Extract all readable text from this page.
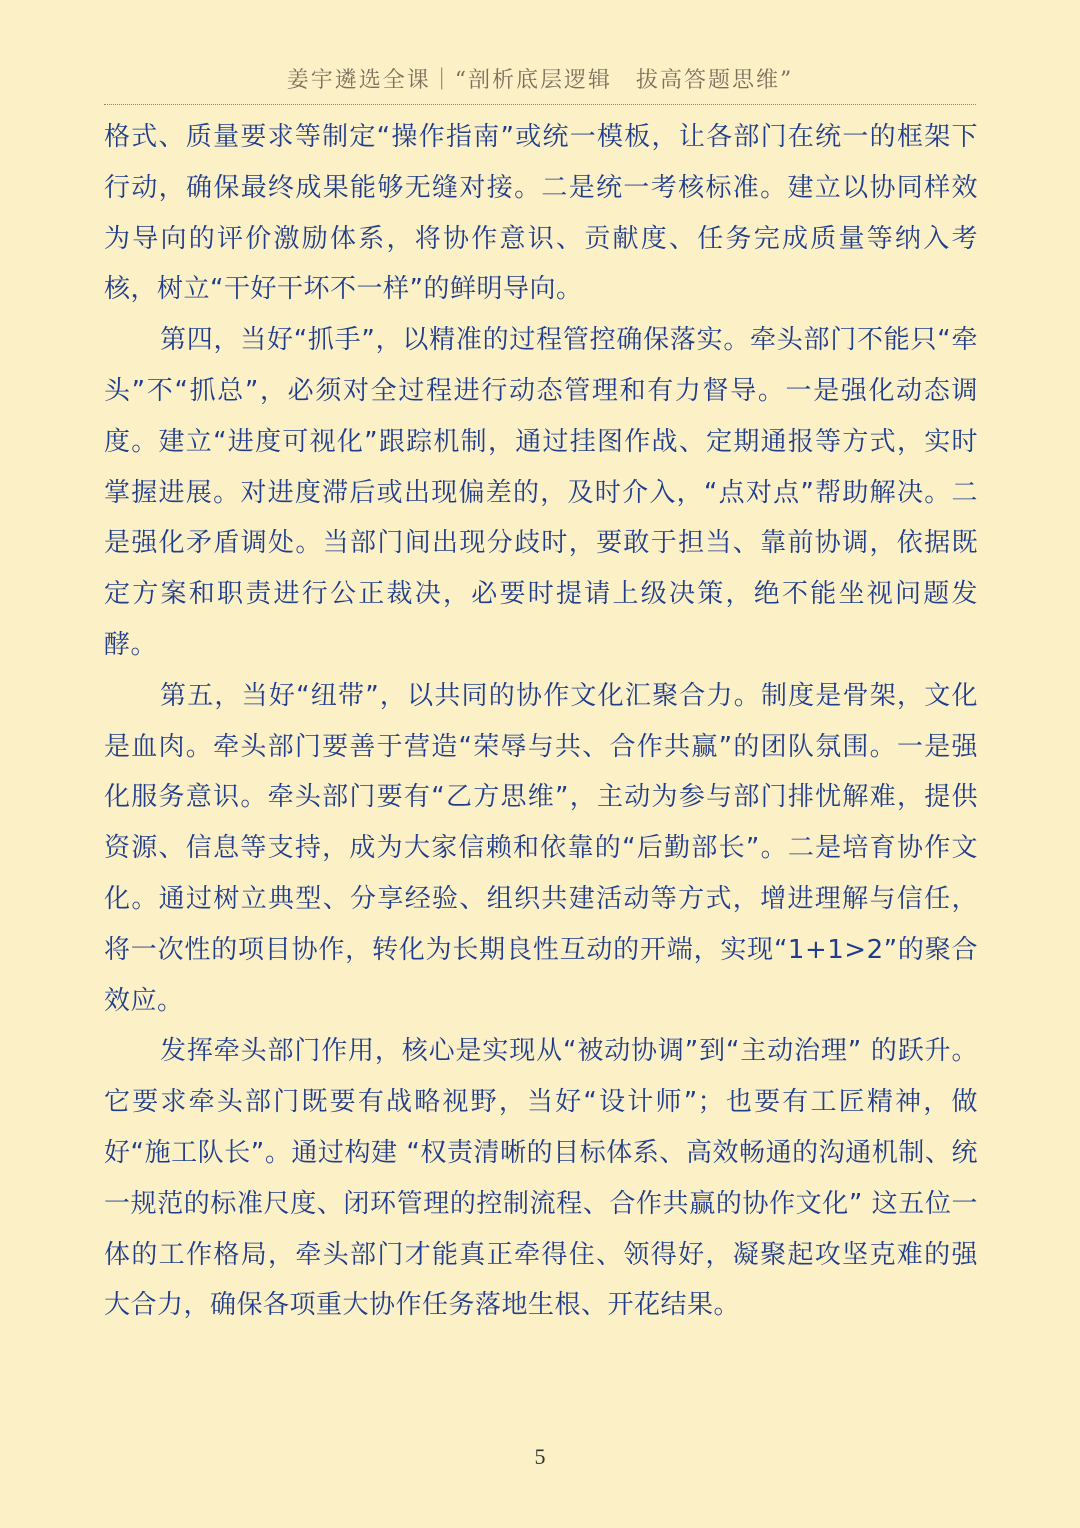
姜宇遴选全课｜“剖析底层逻辑　拔高答题思维”

格式、质量要求等制定“操作指南”或统一模板，让各部门在统一的框架下行动，确保最终成果能够无缝对接。二是统一考核标准。建立以协同样效为导向的评价激励体系，将协作意识、贡献度、任务完成质量等纳入考核，树立“干好干坏不一样”的鲜明导向。

第四，当好“抓手”，以精准的过程管控确保落实。牵头部门不能只“牵头”不“抓总”，必须对全过程进行动态管理和有力督导。一是强化动态调度。建立“进度可视化”跟踪机制，通过挂图作战、定期通报等方式，实时掌握进展。对进度滞后或出现偏差的，及时介入，“点对点”帮助解决。二是强化矛盾调处。当部门间出现分歧时，要敢于担当、靠前协调，依据既定方案和职责进行公正裁决，必要时提请上级决策，绝不能坐视问题发酵。

第五，当好“纽带”，以共同的协作文化汇聚合力。制度是骨架，文化是血肉。牵头部门要善于营造“荣辱与共、合作共赢”的团队氛围。一是强化服务意识。牵头部门要有“乙方思维”，主动为参与部门排忧解难，提供资源、信息等支持，成为大家信赖和依靠的“后勤部长”。二是培育协作文化。通过树立典型、分享经验、组织共建活动等方式，增进理解与信任，将一次性的项目协作，转化为长期良性互动的开端，实现“1+1>2”的聚合效应。

发挥牵头部门作用，核心是实现从“被动协调”到“主动治理” 的跃升。它要求牵头部门既要有战略视野，当好“设计师”；也要有工匠精神，做好“施工队长”。通过构建 “权责清晰的目标体系、高效畅通的沟通机制、统一规范的标准尺度、闭环管理的控制流程、合作共赢的协作文化” 这五位一体的工作格局，牵头部门才能真正牵得住、领得好，凝聚起攻坚克难的强大合力，确保各项重大协作任务落地生根、开花结果。

5
